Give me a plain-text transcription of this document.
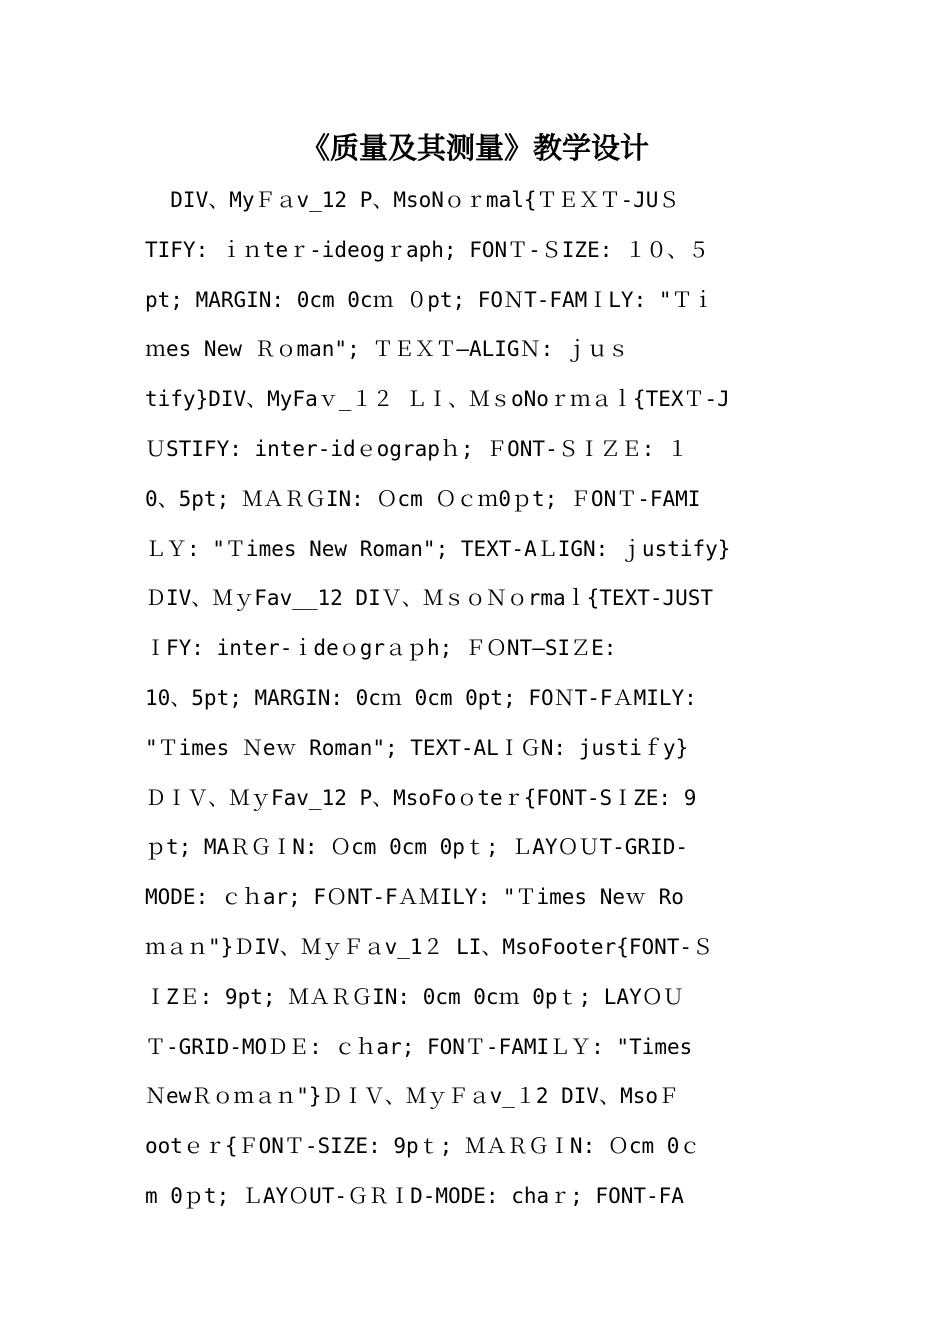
《质量及其测量》教学设计
DIV、MyＦａv_12 P、MsoNｏｒmal{ＴＥＸＴ-JUＳ
TIFY: ｉｎteｒ-ideogｒaph; FONＴ-ＳIZE: １０、５
pt; MARGIN: 0cm 0cｍ ０pt; FOＮT-FAMＩLY: "Ｔｉ
ｍes New Ｒｏman"; ＴＥＸＴ—ALIGＮ: ｊｕｓ
tify}DIV、MyFaｖ_１２ ＬＩ、ＭｓoNoｒｍａｌ{TEXＴ-J
ＵSTIFY: inter-idｅograpｈ; ＦONT-ＳＩＺＥ: １
0、5pt; ＭＡＲＧIN: Ｏcm Ｏｃｍ0ｐt; ＦONＴ-FAMI
ＬＹ: "Ｔimes New Roman"; TEXT-AＬIGN: ｊustify}
ＤIV、ＭｙFav__12 DIＶ、ＭｓｏＮｏrmaｌ{TEXT-JUST
ＩFY: inter-ｉdeｏgrａｐh; ＦＯNT—SIＺE:
10、5pt; MARGIN: 0cｍ 0cm 0pt; FOＮT-FＡMILY:
"Ｔimes Ｎeｗ Roman"; TEXT-ALＩＧN: justiｆy}
ＤＩＶ、ＭｙFav_12 P、MsoFoｏteｒ{FONT-SＩZE: 9
ｐt; MAＲＧＩN: Ｏcm 0cm 0pｔ; ＬAYＯＵT-GRID-
MODE: ｃｈar; FＯNT-FＡＭILY: "Ｔimes Neｗ Ro
ｍａｎ"}ＤIV、ＭｙＦａv_1２ LI、MsoFooter{FONT-Ｓ
ＩZＥ: 9pt; ＭＡＲＧIN: 0cm 0cｍ 0pｔ; LAYＯＵ
Ｔ-GRID-MOＤＥ: ｃｈar; FONＴ-FAMIＬＹ: "Times
ＮewＲｏｍａｎ"}ＤＩＶ、ＭｙＦａv_１2 DIV、MsoＦ
ootｅｒ{ＦONＴ-SIZE: 9pｔ; ＭＡＲＧＩN: Ｏcm 0ｃ
m 0ｐt; ＬAYＯUT-ＧＲＩD-MODE: chaｒ; FONT-FA
